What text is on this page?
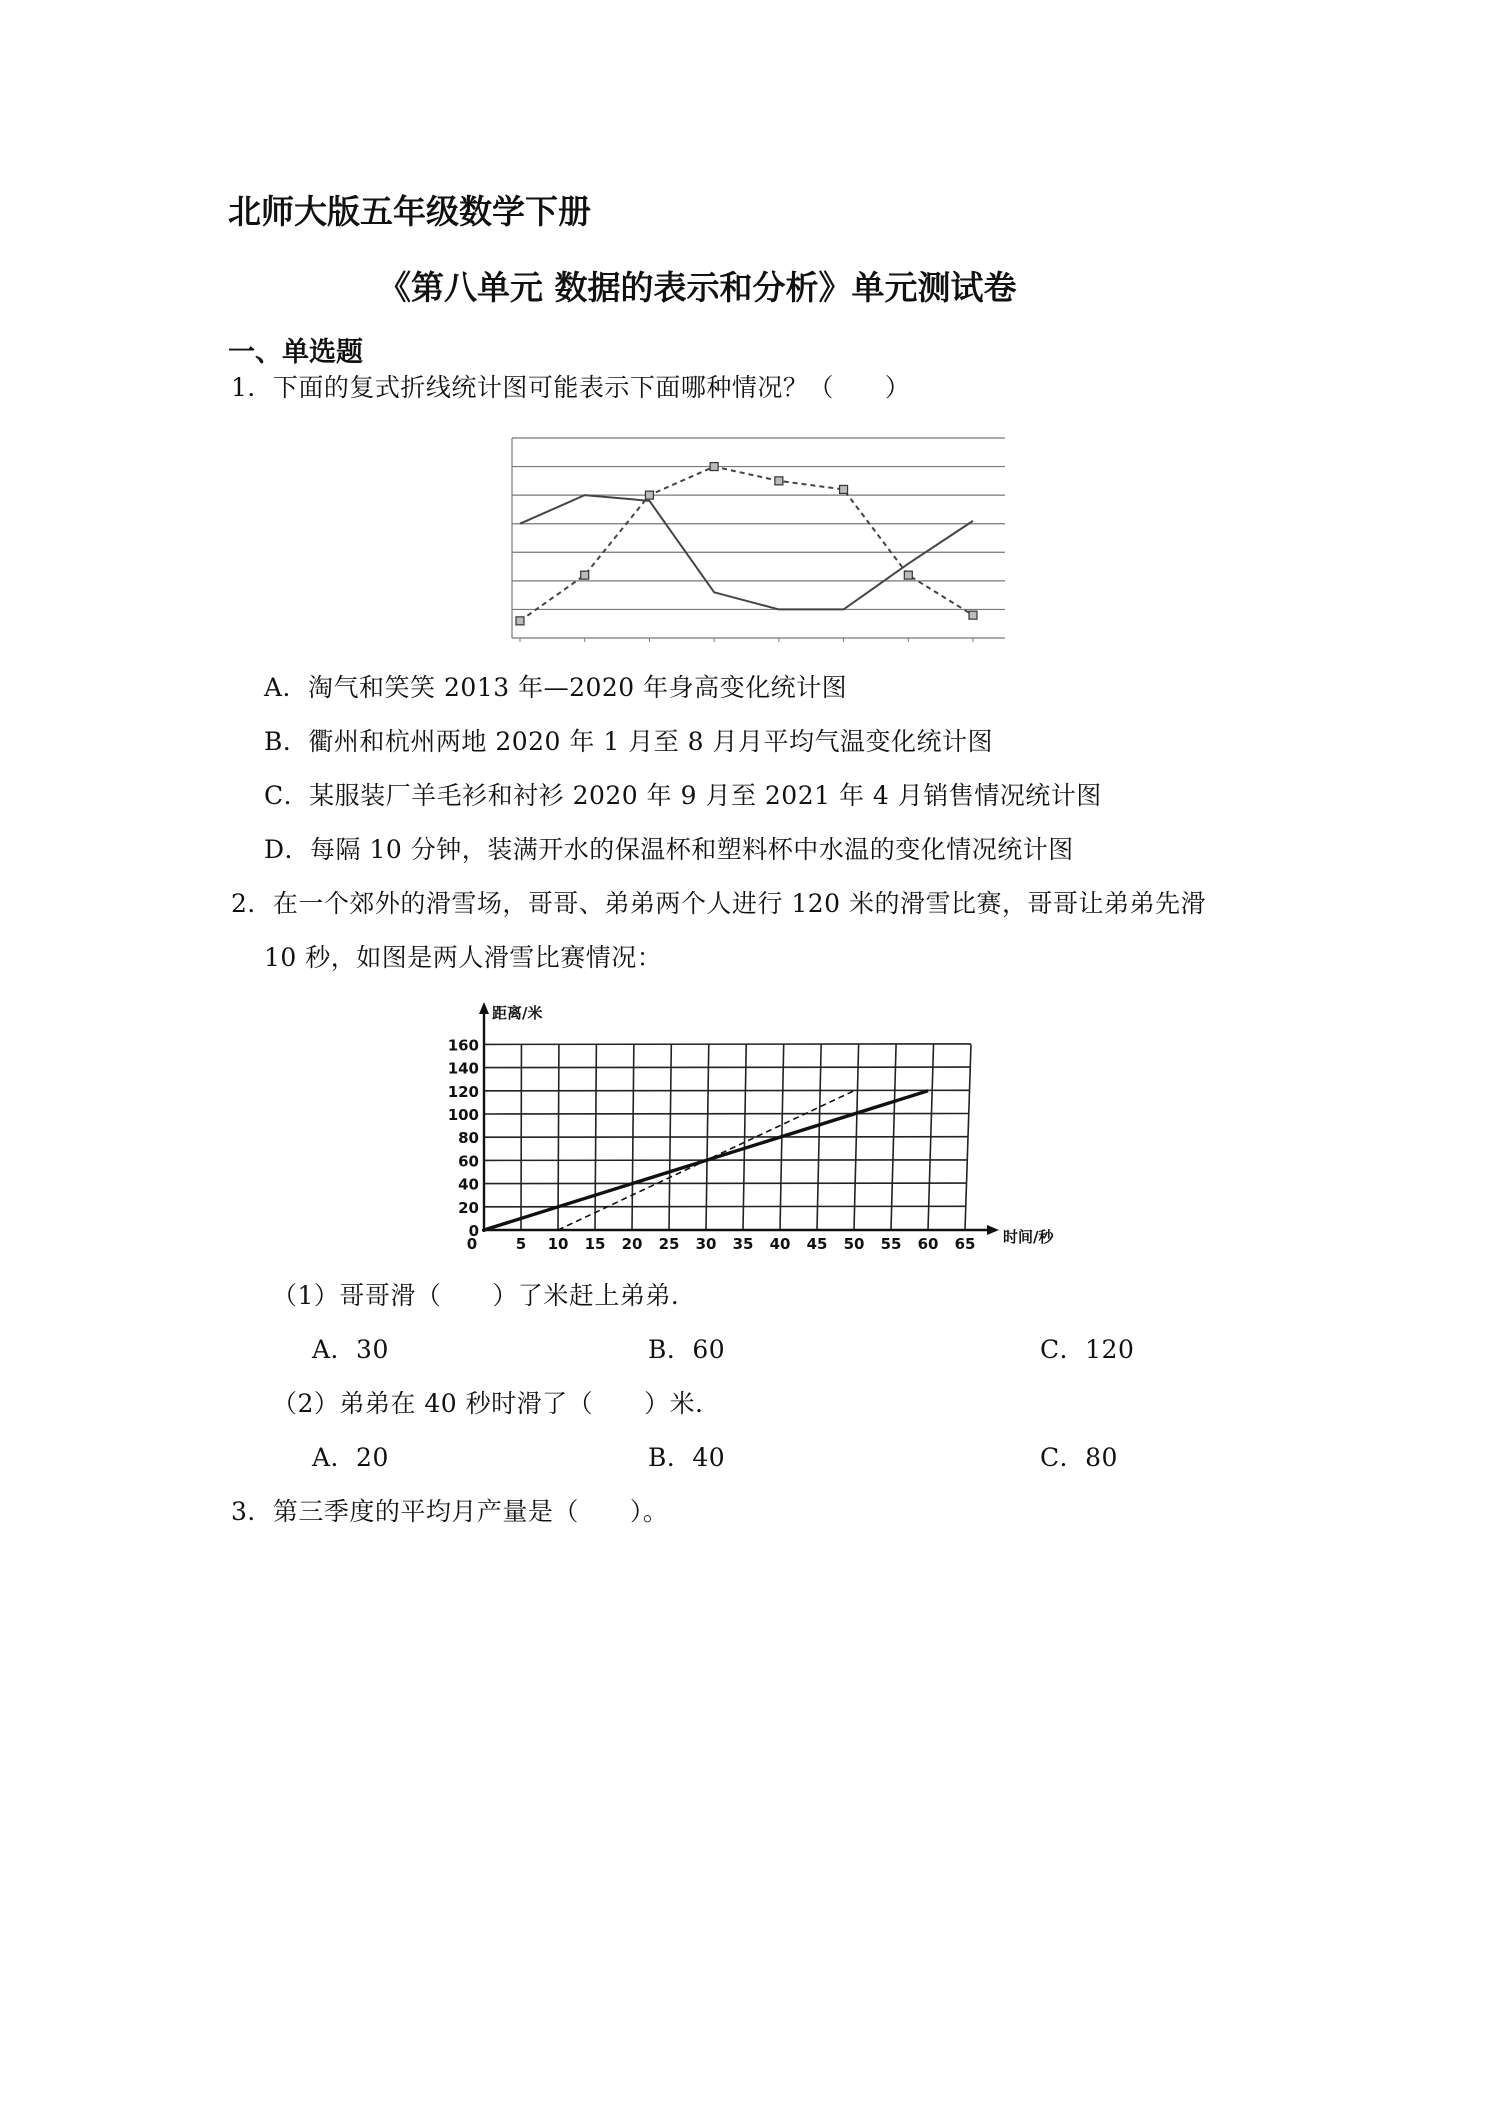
北师大版五年级数学下册
《第八单元 数据的表示和分析》单元测试卷
一、单选题
1．下面的复式折线统计图可能表示下面哪种情况？（　　）
A．淘气和笑笑 2013 年—2020 年身高变化统计图
B．衢州和杭州两地 2020 年 1 月至 8 月月平均气温变化统计图
C．某服装厂羊毛衫和衬衫 2020 年 9 月至 2021 年 4 月销售情况统计图
D．每隔 10 分钟，装满开水的保温杯和塑料杯中水温的变化情况统计图
2．在一个郊外的滑雪场，哥哥、弟弟两个人进行 120 米的滑雪比赛，哥哥让弟弟先滑
10 秒，如图是两人滑雪比赛情况：
0
20
40
60
80
100
120
140
160
0	5 10 15 20 25 30 35 40 45 50 55 60 65
距离/米
时间/秒
（1）哥哥滑（　　）了米赶上弟弟．
A．30	B．60	C．120
（2）弟弟在 40 秒时滑了（　　）米．
A．20	B．40	C．80
3．第三季度的平均月产量是（　　）。
